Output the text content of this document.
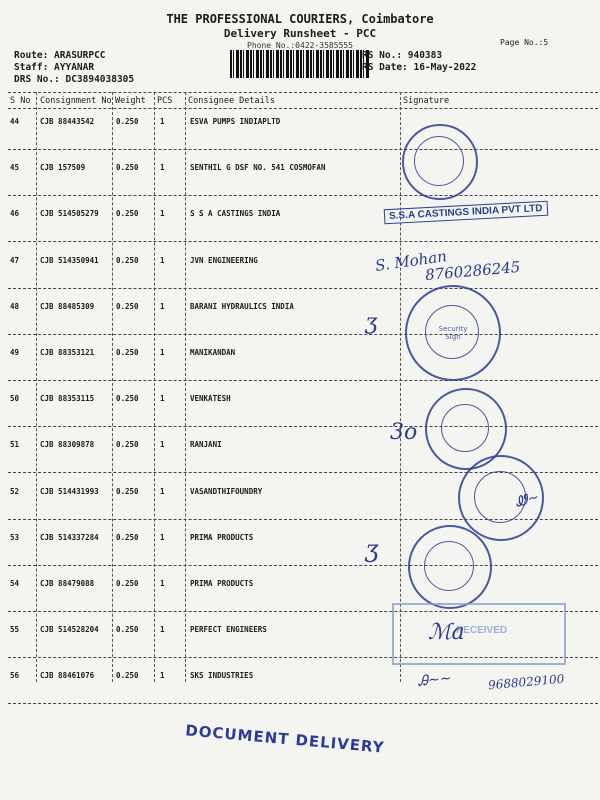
THE PROFESSIONAL COURIERS, Coimbatore
Delivery Runsheet - PCC
Phone No.:0422-3585555
Route: ARASURPCC
Staff: AYYANAR
DRS No.: DC3894038305
RS No.: 940383
RS Date: 16-May-2022
Page No.:5
S No Consignment No Weight PCS Consignee Details	Signature
44	CJB 88443542	0.250	1	ESVA PUMPS INDIAPLTD
45	CJB 157509	0.250	1	SENTHIL G DSF NO. 541 COSMOFAN
46	CJB 514505279 0.250	1	S S A CASTINGS INDIA
47	CJB 514350941 0.250	1	JVN ENGINEERING
48	CJB 88485309	0.250	1	BARANI HYDRAULICS INDIA
49	CJB 88353121	0.250	1	MANIKANDAN
50	CJB 88353115	0.250	1	VENKATESH
51	CJB 88309878	0.250	1	RANJANI
52	CJB 514431993 0.250	1	VASANDTHIFOUNDRY
53	CJB 514337284 0.250	1	PRIMA PRODUCTS
54	CJB 88479088	0.250	1	PRIMA PRODUCTS
55	CJB 514528204 0.250	1	PERFECT ENGINEERS
56	CJB 88461076	0.250	1	SKS INDUSTRIES
S.S.A CASTINGS INDIA PVT LTD
S. Mohan
8760286245
Security Sign
ʒ
3o
Ꮺ~
ʒ
RECEIVED
ℳa
Ꭿ~~	9688029100
DOCUMENT DELIVERY
